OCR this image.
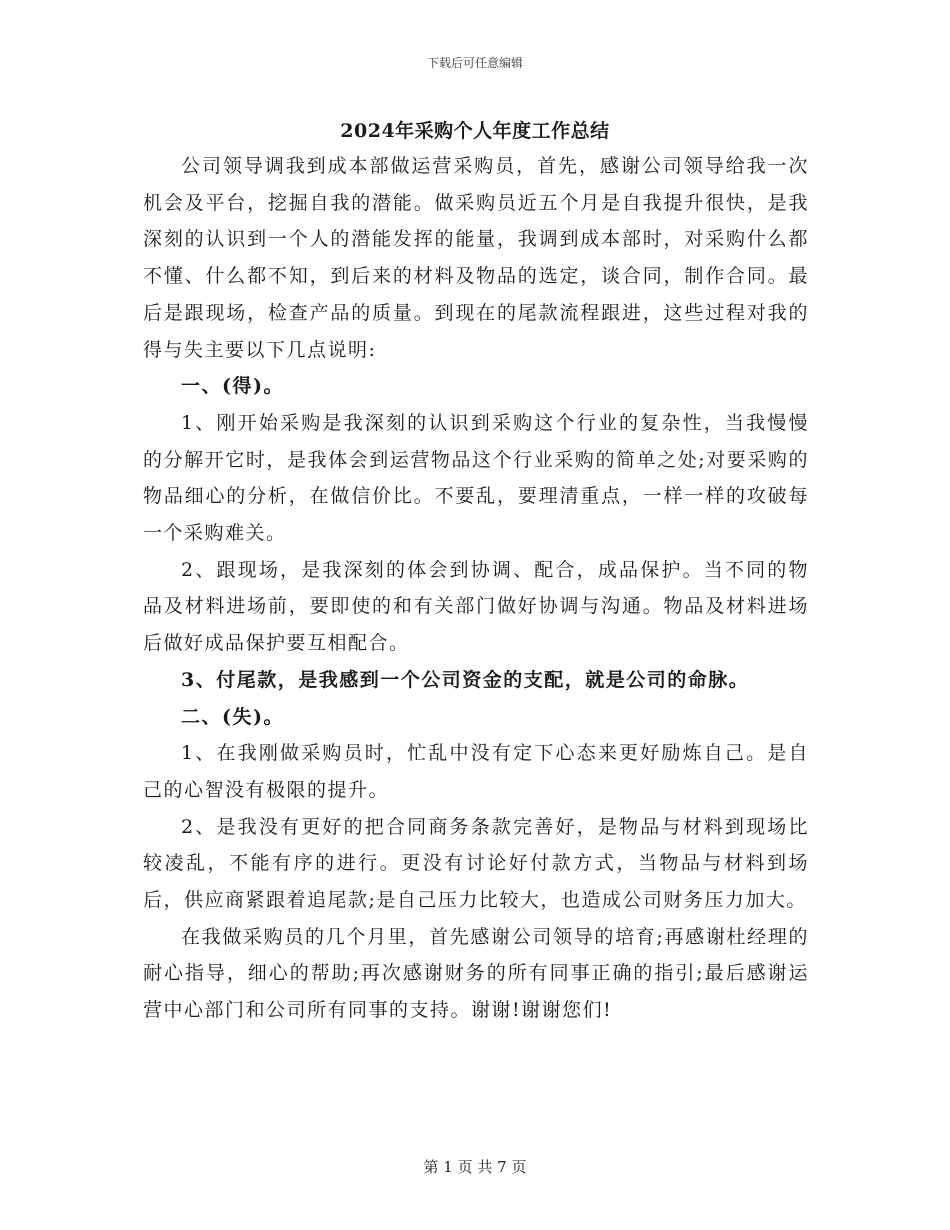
下载后可任意编辑
2024年采购个人年度工作总结

公司领导调我到成本部做运营采购员，首先，感谢公司领导给我一次机会及平台，挖掘自我的潜能。做采购员近五个月是自我提升很快，是我深刻的认识到一个人的潜能发挥的能量，我调到成本部时，对采购什么都不懂、什么都不知，到后来的材料及物品的选定，谈合同，制作合同。最后是跟现场，检查产品的质量。到现在的尾款流程跟进，这些过程对我的得与失主要以下几点说明:

一、(得)。

1、刚开始采购是我深刻的认识到采购这个行业的复杂性，当我慢慢的分解开它时，是我体会到运营物品这个行业采购的简单之处;对要采购的物品细心的分析，在做信价比。不要乱，要理清重点，一样一样的攻破每一个采购难关。

2、跟现场，是我深刻的体会到协调、配合，成品保护。当不同的物品及材料进场前，要即使的和有关部门做好协调与沟通。物品及材料进场后做好成品保护要互相配合。

3、付尾款，是我感到一个公司资金的支配，就是公司的命脉。

二、(失)。

1、在我刚做采购员时，忙乱中没有定下心态来更好励炼自己。是自己的心智没有极限的提升。

2、是我没有更好的把合同商务条款完善好，是物品与材料到现场比较凌乱，不能有序的进行。更没有讨论好付款方式，当物品与材料到场后，供应商紧跟着追尾款;是自己压力比较大，也造成公司财务压力加大。

在我做采购员的几个月里，首先感谢公司领导的培育;再感谢杜经理的耐心指导，细心的帮助;再次感谢财务的所有同事正确的指引;最后感谢运营中心部门和公司所有同事的支持。谢谢!谢谢您们!

第 1 页 共 7 页
